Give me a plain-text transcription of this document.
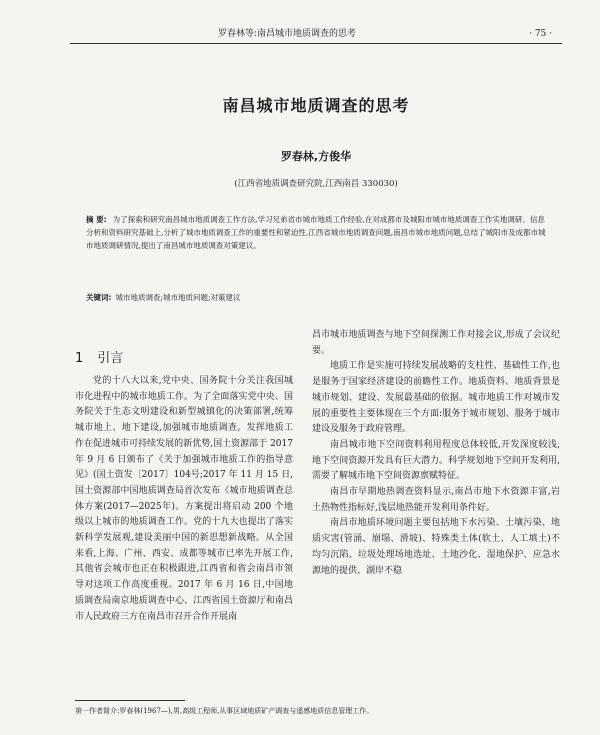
罗春林等:南昌城市地质调查的思考	· 75 ·
南昌城市地质调查的思考
罗春林,方俊华
(江西省地质调查研究院,江西南昌 330030)

摘 要: 为了探索和研究南昌城市地质调查工作方法,学习兄弟省市城市地质工作经验,在对成都市及城阳市城市地质调查工作实地调研、信息分析和资料研究基础上,分析了城市地质调查工作的重要性和紧迫性,江西省城市地质调查问题,南昌市城市地质问题,总结了城阳市及成都市城市地质调研情况,提出了南昌城市地质调查对策建议。

关键词: 城市地质调查;城市地质问题;对策建议

1 引言

党的十八大以来,党中央、国务院十分关注我国城市化进程中的城市地质工作。为了全面落实党中央、国务院关于生态文明建设和新型城镇化的决策部署,统筹城市地上、地下建设,加强城市地质调查。发挥地质工作在促进城市可持续发展的新优势,国土资源部于 2017 年 9 月 6 日颁布了《关于加强城市地质工作的指导意见》(国土资发〔2017〕104号;2017 年 11 月 15 日,国土资源部中国地质调查局首次发布《城市地质调查总体方案(2017—2025年)。方案提出将启动 200 个地级以上城市的地质调查工作。党的十九大也提出了落实新科学发展观,建设美丽中国的新思想新战略。从全国来看,上海、广州、西安、成都等城市已率先开展工作,其他省会城市也正在积极跟进,江西省和省会南昌市领导对这项工作高度重视。2017 年 6 月 16 日,中国地质调查局南京地质调查中心、江西省国土资源厅和南昌市人民政府三方在南昌市召开合作开展南

昌市城市地质调查与地下空间探测工作对接会议,形成了会议纪要。

地质工作是实施可持续发展战略的支柱性、基础性工作,也是服务于国家经济建设的前瞻性工作。地质资料、地质背景是城市规划、建设、发展最基础的依据。城市地质工作对城市发展的重要性主要体现在三个方面:服务于城市规划、服务于城市建设及服务于政府管理。

南昌城市地下空间资料利用程度总体较低,开发深度较浅,地下空间资源开发具有巨大潜力。科学规划地下空间开发利用,需要了解城市地下空间资源禀赋特征。

南昌市早期地热调查资料显示,南昌市地下水资源丰富,岩土热物性指标好,浅层地热能开发利用条件好。

南昌市地质环境问题主要包括地下水污染、土壤污染、地质灾害(管涌、崩塌、滑坡)、特殊类土体(软土、人工填土)不均匀沉陷、垃圾处理场地选址、土地沙化、湿地保护、应急水源地的提供、湖岸不稳

第一作者简介:罗春林(1967—),男,高级工程师,从事区域地质矿产调查与遥感地质信息管理工作。
